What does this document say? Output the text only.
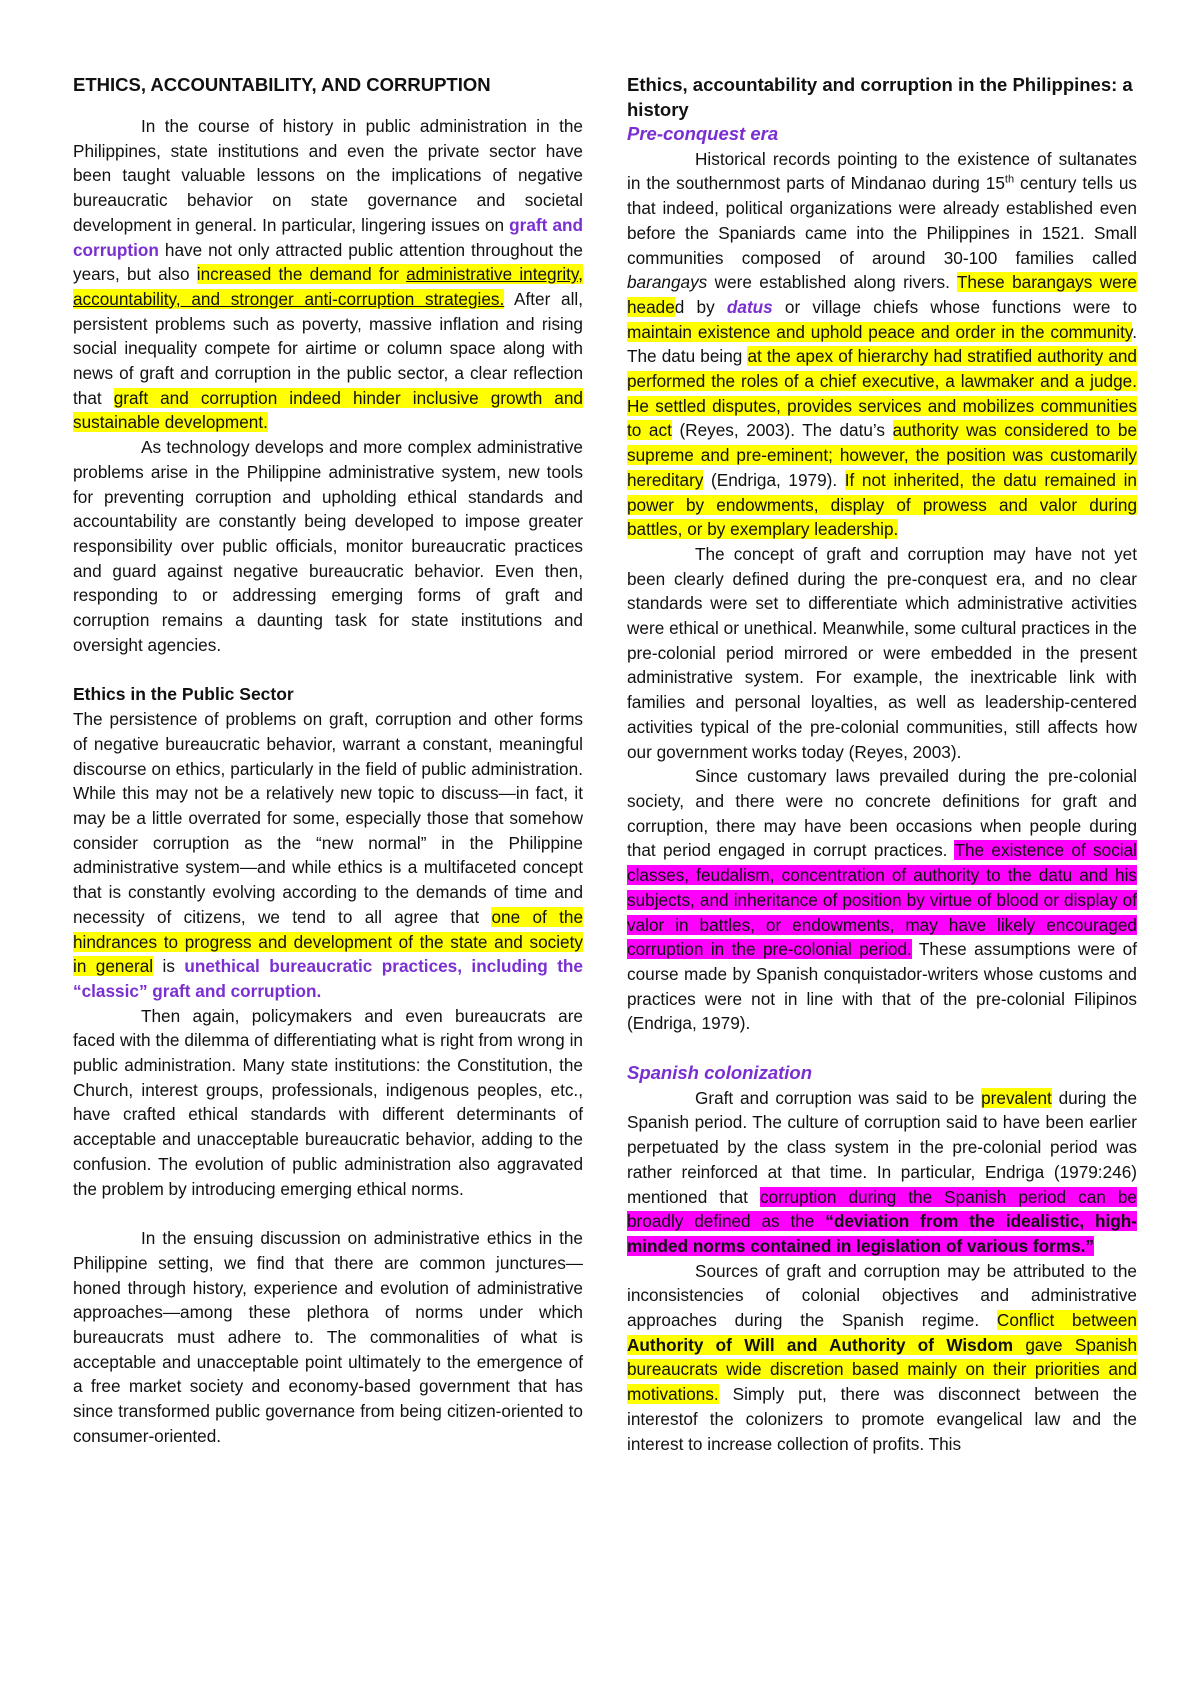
ETHICS, ACCOUNTABILITY, AND CORRUPTION

In the course of history in public administration in the Philippines, state institutions and even the private sector have been taught valuable lessons on the implications of negative bureaucratic behavior on state governance and societal development in general. In particular, lingering issues on graft and corruption have not only attracted public attention throughout the years, but also increased the demand for administrative integrity, accountability, and stronger anti-corruption strategies. After all, persistent problems such as poverty, massive inflation and rising social inequality compete for airtime or column space along with news of graft and corruption in the public sector, a clear reflection that graft and corruption indeed hinder inclusive growth and sustainable development.

As technology develops and more complex administrative problems arise in the Philippine administrative system, new tools for preventing corruption and upholding ethical standards and accountability are constantly being developed to impose greater responsibility over public officials, monitor bureaucratic practices and guard against negative bureaucratic behavior. Even then, responding to or addressing emerging forms of graft and corruption remains a daunting task for state institutions and oversight agencies.

Ethics in the Public Sector

The persistence of problems on graft, corruption and other forms of negative bureaucratic behavior, warrant a constant, meaningful discourse on ethics, particularly in the field of public administration. While this may not be a relatively new topic to discuss—in fact, it may be a little overrated for some, especially those that somehow consider corruption as the “new normal” in the Philippine administrative system—and while ethics is a multifaceted concept that is constantly evolving according to the demands of time and necessity of citizens, we tend to all agree that one of the hindrances to progress and development of the state and society in general is unethical bureaucratic practices, including the “classic” graft and corruption.

Then again, policymakers and even bureaucrats are faced with the dilemma of differentiating what is right from wrong in public administration. Many state institutions: the Constitution, the Church, interest groups, professionals, indigenous peoples, etc., have crafted ethical standards with different determinants of acceptable and unacceptable bureaucratic behavior, adding to the confusion. The evolution of public administration also aggravated the problem by introducing emerging ethical norms.

In the ensuing discussion on administrative ethics in the Philippine setting, we find that there are common junctures—honed through history, experience and evolution of administrative approaches—among these plethora of norms under which bureaucrats must adhere to. The commonalities of what is acceptable and unacceptable point ultimately to the emergence of a free market society and economy-based government that has since transformed public governance from being citizen-oriented to consumer-oriented.

Ethics, accountability and corruption in the Philippines: a history
Pre-conquest era

Historical records pointing to the existence of sultanates in the southernmost parts of Mindanao during 15th century tells us that indeed, political organizations were already established even before the Spaniards came into the Philippines in 1521. Small communities composed of around 30-100 families called barangays were established along rivers. These barangays were headed by datus or village chiefs whose functions were to maintain existence and uphold peace and order in the community. The datu being at the apex of hierarchy had stratified authority and performed the roles of a chief executive, a lawmaker and a judge. He settled disputes, provides services and mobilizes communities to act (Reyes, 2003). The datu’s authority was considered to be supreme and pre-eminent; however, the position was customarily hereditary (Endriga, 1979). If not inherited, the datu remained in power by endowments, display of prowess and valor during battles, or by exemplary leadership.

The concept of graft and corruption may have not yet been clearly defined during the pre-conquest era, and no clear standards were set to differentiate which administrative activities were ethical or unethical. Meanwhile, some cultural practices in the pre-colonial period mirrored or were embedded in the present administrative system. For example, the inextricable link with families and personal loyalties, as well as leadership-centered activities typical of the pre-colonial communities, still affects how our government works today (Reyes, 2003).

Since customary laws prevailed during the pre-colonial society, and there were no concrete definitions for graft and corruption, there may have been occasions when people during that period engaged in corrupt practices. The existence of social classes, feudalism, concentration of authority to the datu and his subjects, and inheritance of position by virtue of blood or display of valor in battles, or endowments, may have likely encouraged corruption in the pre-colonial period. These assumptions were of course made by Spanish conquistador-writers whose customs and practices were not in line with that of the pre-colonial Filipinos (Endriga, 1979).

Spanish colonization

Graft and corruption was said to be prevalent during the Spanish period. The culture of corruption said to have been earlier perpetuated by the class system in the pre-colonial period was rather reinforced at that time. In particular, Endriga (1979:246) mentioned that corruption during the Spanish period can be broadly defined as the “deviation from the idealistic, high-minded norms contained in legislation of various forms.”

Sources of graft and corruption may be attributed to the inconsistencies of colonial objectives and administrative approaches during the Spanish regime. Conflict between Authority of Will and Authority of Wisdom gave Spanish bureaucrats wide discretion based mainly on their priorities and motivations. Simply put, there was disconnect between the interestof the colonizers to promote evangelical law and the interest to increase collection of profits. This
